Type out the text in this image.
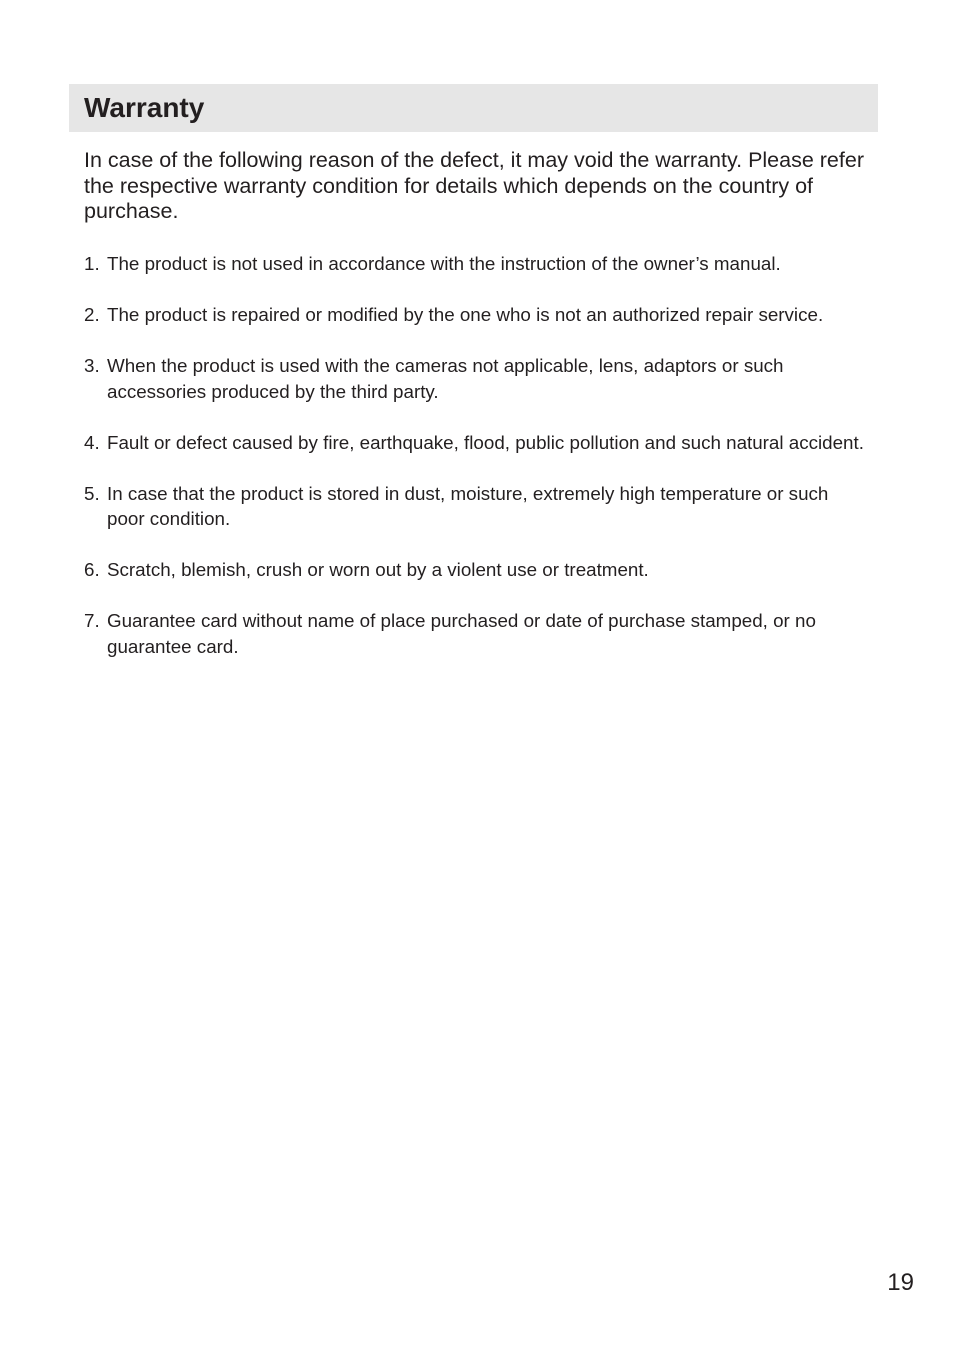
Warranty

In case of the following reason of the defect, it may void the warranty. Please refer the respective warranty condition for details which depends on the country of purchase.

1. The product is not used in accordance with the instruction of the owner’s manual.
2. The product is repaired or modified by the one who is not an authorized repair service.
3. When the product is used with the cameras not applicable, lens, adaptors or such accessories produced by the third party.
4. Fault or defect caused by fire, earthquake, flood, public pollution and such natural accident.
5. In case that the product is stored in dust, moisture, extremely high temperature or such poor condition.
6. Scratch, blemish, crush or worn out by a violent use or treatment.
7. Guarantee card without name of place purchased or date of purchase stamped, or no guarantee card.
19
